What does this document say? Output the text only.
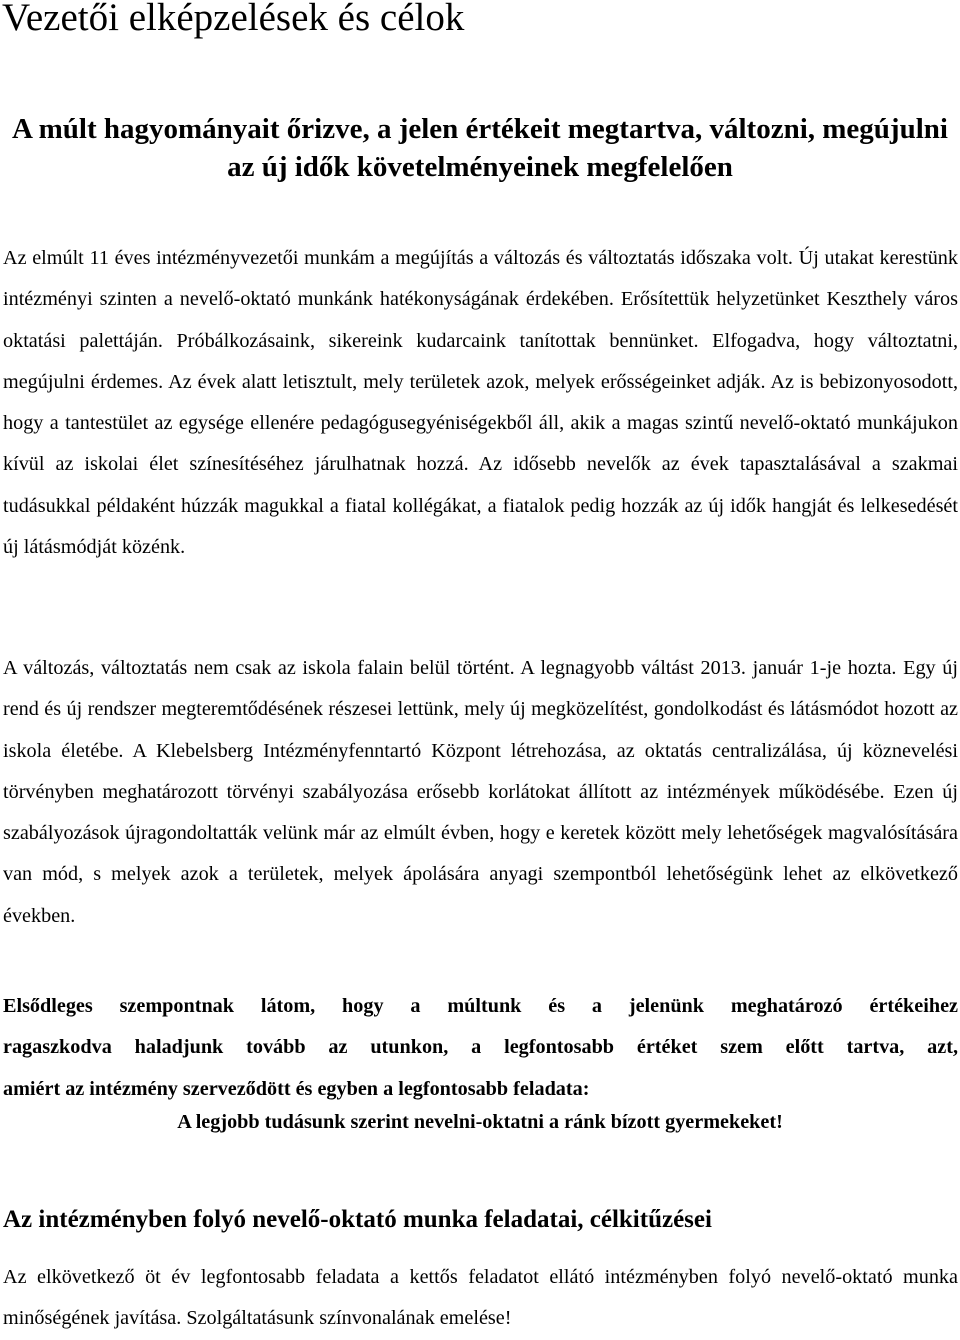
Vezetői elképzelések és célok
A múlt hagyományait őrizve, a jelen értékeit megtartva, változni, megújulni az új idők követelményeinek megfelelően

Az elmúlt 11 éves intézményvezetői munkám a megújítás a változás és változtatás időszaka volt. Új utakat kerestünk intézményi szinten a nevelő-oktató munkánk hatékonyságának érdekében. Erősítettük helyzetünket Keszthely város oktatási palettáján. Próbálkozásaink, sikereink kudarcaink tanítottak bennünket. Elfogadva, hogy változtatni, megújulni érdemes. Az évek alatt letisztult, mely területek azok, melyek erősségeinket adják. Az is bebizonyosodott, hogy a tantestület az egysége ellenére pedagógusegyéniségekből áll, akik a magas szintű nevelő-oktató munkájukon kívül az iskolai élet színesítéséhez járulhatnak hozzá. Az idősebb nevelők az évek tapasztalásával a szakmai tudásukkal példaként húzzák magukkal a fiatal kollégákat, a fiatalok pedig hozzák az új idők hangját és lelkesedését új látásmódját közénk.

A változás, változtatás nem csak az iskola falain belül történt. A legnagyobb váltást 2013. január 1-je hozta. Egy új rend és új rendszer megteremtődésének részesei lettünk, mely új megközelítést, gondolkodást és látásmódot hozott az iskola életébe. A Klebelsberg Intézményfenntartó Központ létrehozása, az oktatás centralizálása, új köznevelési törvényben meghatározott törvényi szabályozása erősebb korlátokat állított az intézmények működésébe. Ezen új szabályozások újragondoltatták velünk már az elmúlt évben, hogy e keretek között mely lehetőségek magvalósítására van mód, s melyek azok a területek, melyek ápolására anyagi szempontból lehetőségünk lehet az elkövetkező években.

Elsődleges szempontnak látom, hogy a múltunk és a jelenünk meghatározó értékeihez
ragaszkodva haladjunk tovább az utunkon, a legfontosabb értéket szem előtt tartva, azt,
amiért az intézmény szerveződött és egyben a legfontosabb feladata:

A legjobb tudásunk szerint nevelni-oktatni a ránk bízott gyermekeket!

Az intézményben folyó nevelő-oktató munka feladatai, célkitűzései

Az elkövetkező öt év legfontosabb feladata a kettős feladatot ellátó intézményben folyó nevelő-oktató munka minőségének javítása. Szolgáltatásunk színvonalának emelése!
